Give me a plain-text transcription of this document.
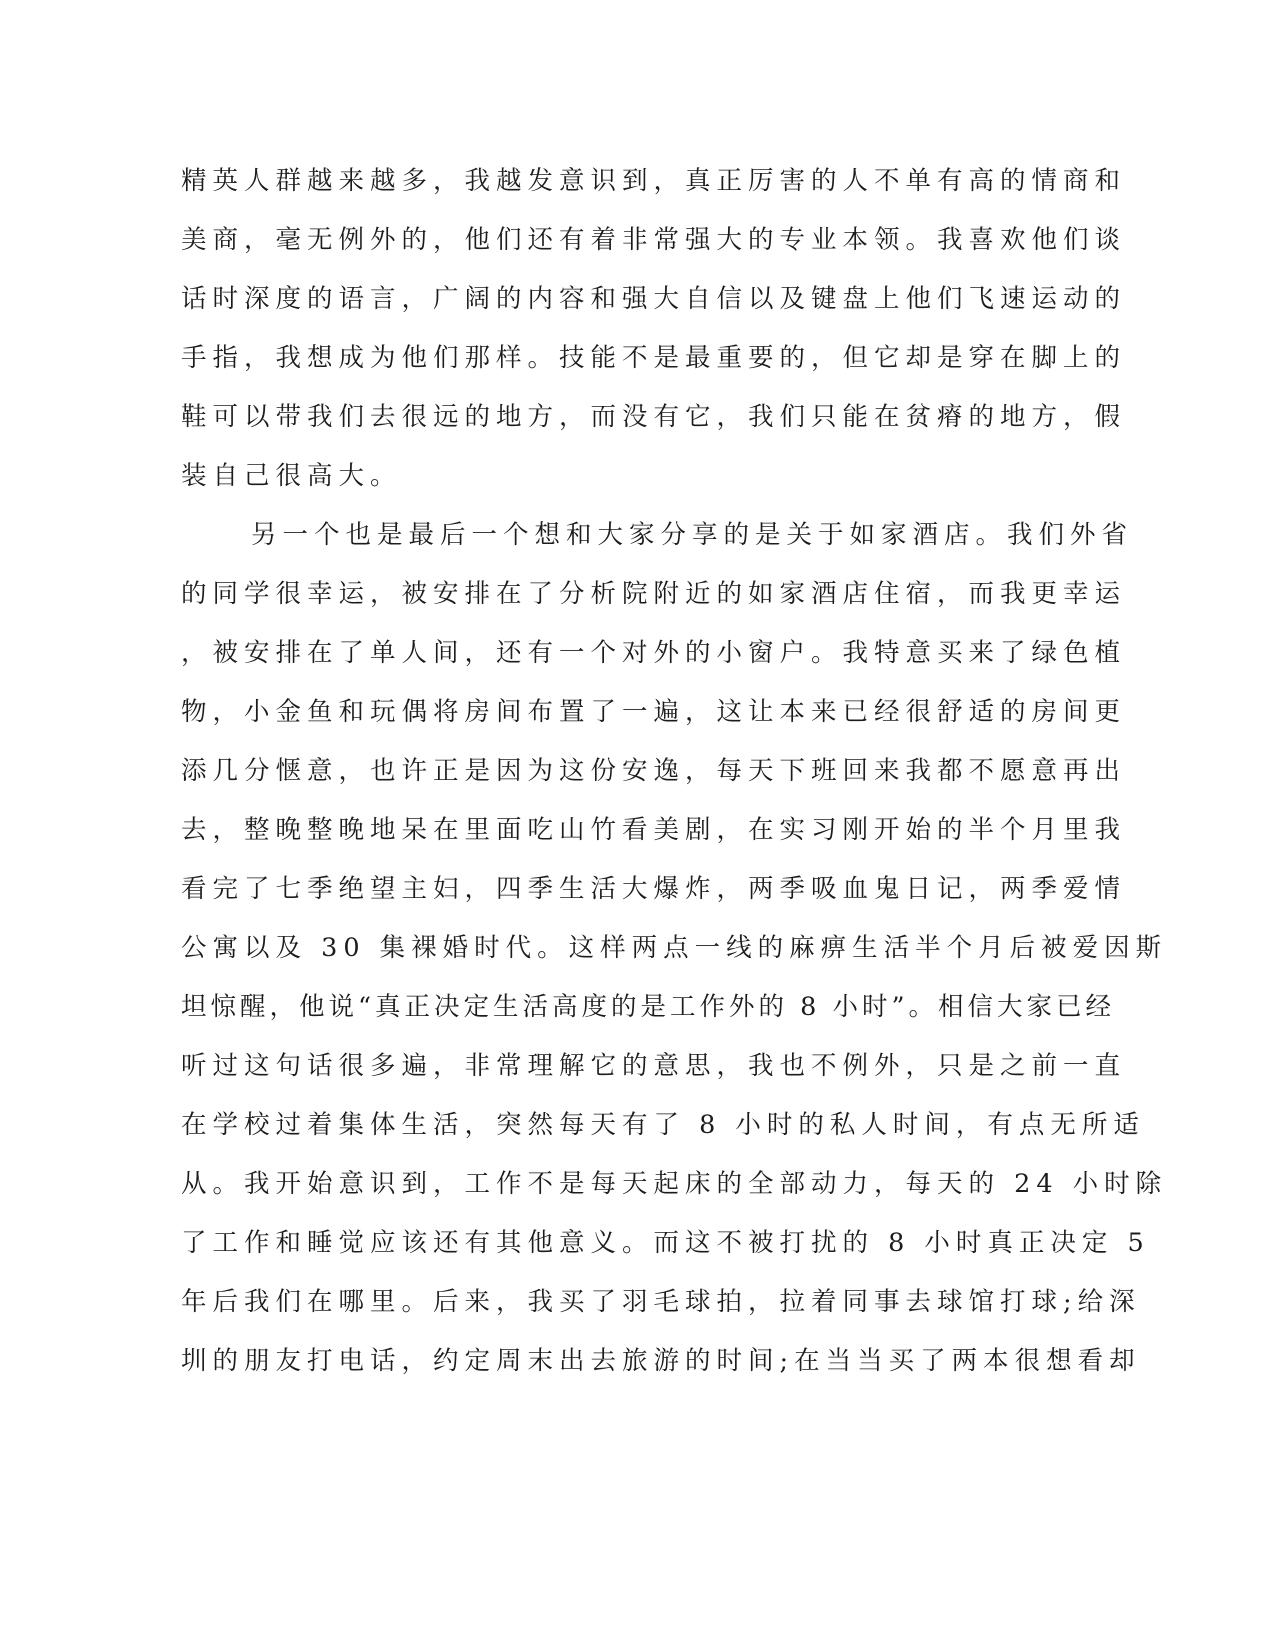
精英人群越来越多，我越发意识到，真正厉害的人不单有高的情商和
美商，毫无例外的，他们还有着非常强大的专业本领。我喜欢他们谈
话时深度的语言，广阔的内容和强大自信以及键盘上他们飞速运动的
手指，我想成为他们那样。技能不是最重要的，但它却是穿在脚上的
鞋可以带我们去很远的地方，而没有它，我们只能在贫瘠的地方，假
装自己很高大。
另一个也是最后一个想和大家分享的是关于如家酒店。我们外省
的同学很幸运，被安排在了分析院附近的如家酒店住宿，而我更幸运
，被安排在了单人间，还有一个对外的小窗户。我特意买来了绿色植
物，小金鱼和玩偶将房间布置了一遍，这让本来已经很舒适的房间更
添几分惬意，也许正是因为这份安逸，每天下班回来我都不愿意再出
去，整晚整晚地呆在里面吃山竹看美剧，在实习刚开始的半个月里我
看完了七季绝望主妇，四季生活大爆炸，两季吸血鬼日记，两季爱情
公寓以及 30 集裸婚时代。这样两点一线的麻痹生活半个月后被爱因斯
坦惊醒，他说“真正决定生活高度的是工作外的 8 小时”。相信大家已经
听过这句话很多遍，非常理解它的意思，我也不例外，只是之前一直
在学校过着集体生活，突然每天有了 8 小时的私人时间，有点无所适
从。我开始意识到，工作不是每天起床的全部动力，每天的 24 小时除
了工作和睡觉应该还有其他意义。而这不被打扰的 8 小时真正决定 5
年后我们在哪里。后来，我买了羽毛球拍，拉着同事去球馆打球;给深
圳的朋友打电话，约定周末出去旅游的时间;在当当买了两本很想看却
